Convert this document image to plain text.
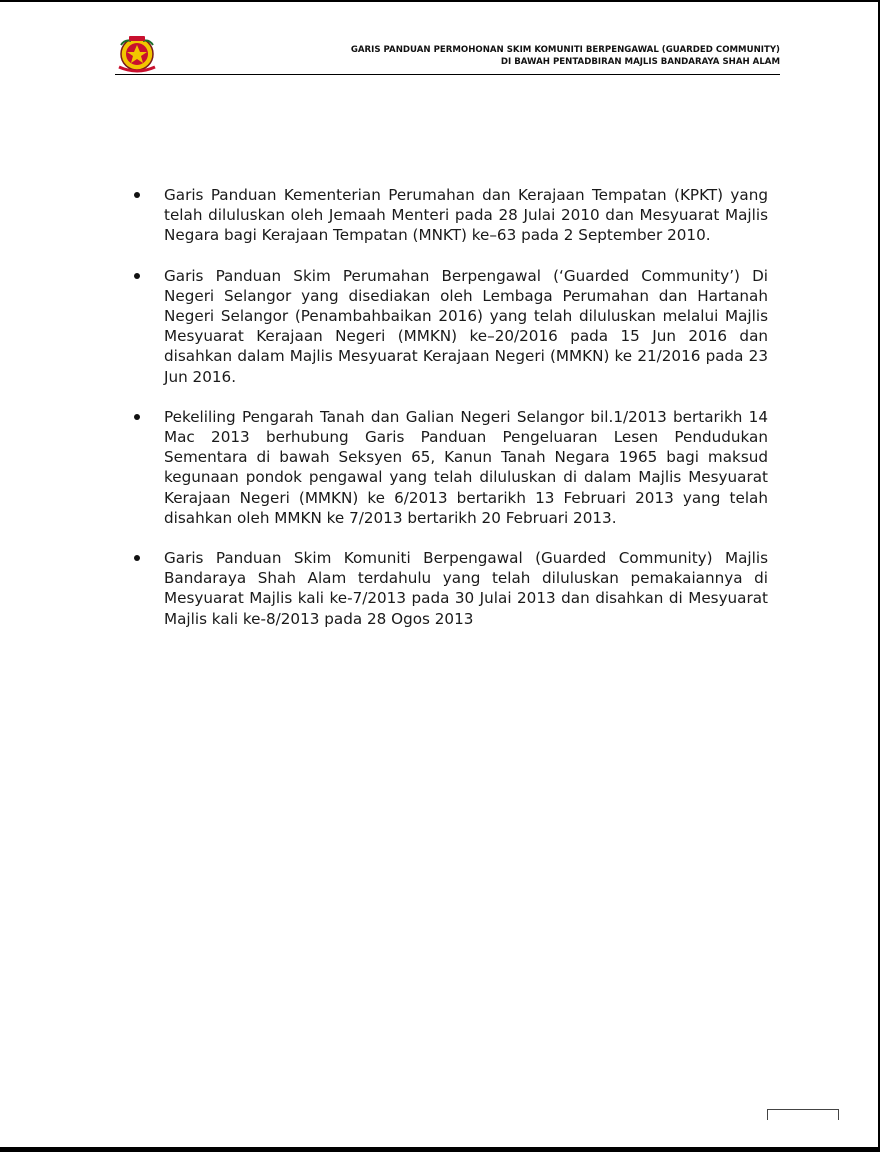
GARIS PANDUAN PERMOHONAN SKIM KOMUNITI BERPENGAWAL (GUARDED COMMUNITY)
DI BAWAH PENTADBIRAN MAJLIS BANDARAYA SHAH ALAM

Garis Panduan Kementerian Perumahan dan Kerajaan Tempatan (KPKT) yang telah diluluskan oleh Jemaah Menteri pada 28 Julai 2010 dan Mesyuarat Majlis Negara bagi Kerajaan Tempatan (MNKT) ke–63 pada 2 September 2010.

Garis Panduan Skim Perumahan Berpengawal (‘Guarded Community’) Di Negeri Selangor yang disediakan oleh Lembaga Perumahan dan Hartanah Negeri Selangor (Penambahbaikan 2016) yang telah diluluskan melalui Majlis Mesyuarat Kerajaan Negeri (MMKN) ke–20/2016 pada 15 Jun 2016 dan disahkan dalam Majlis Mesyuarat Kerajaan Negeri (MMKN) ke 21/2016 pada 23 Jun 2016.

Pekeliling Pengarah Tanah dan Galian Negeri Selangor bil.1/2013 bertarikh 14 Mac 2013 berhubung Garis Panduan Pengeluaran Lesen Pendudukan Sementara di bawah Seksyen 65, Kanun Tanah Negara 1965 bagi maksud kegunaan pondok pengawal yang telah diluluskan di dalam Majlis Mesyuarat Kerajaan Negeri (MMKN) ke 6/2013 bertarikh 13 Februari 2013 yang telah disahkan oleh MMKN ke 7/2013 bertarikh 20 Februari 2013.

Garis Panduan Skim Komuniti Berpengawal (Guarded Community) Majlis Bandaraya Shah Alam terdahulu yang telah diluluskan pemakaiannya di Mesyuarat Majlis kali ke-7/2013 pada 30 Julai 2013 dan disahkan di Mesyuarat Majlis kali ke-8/2013 pada 28 Ogos 2013
